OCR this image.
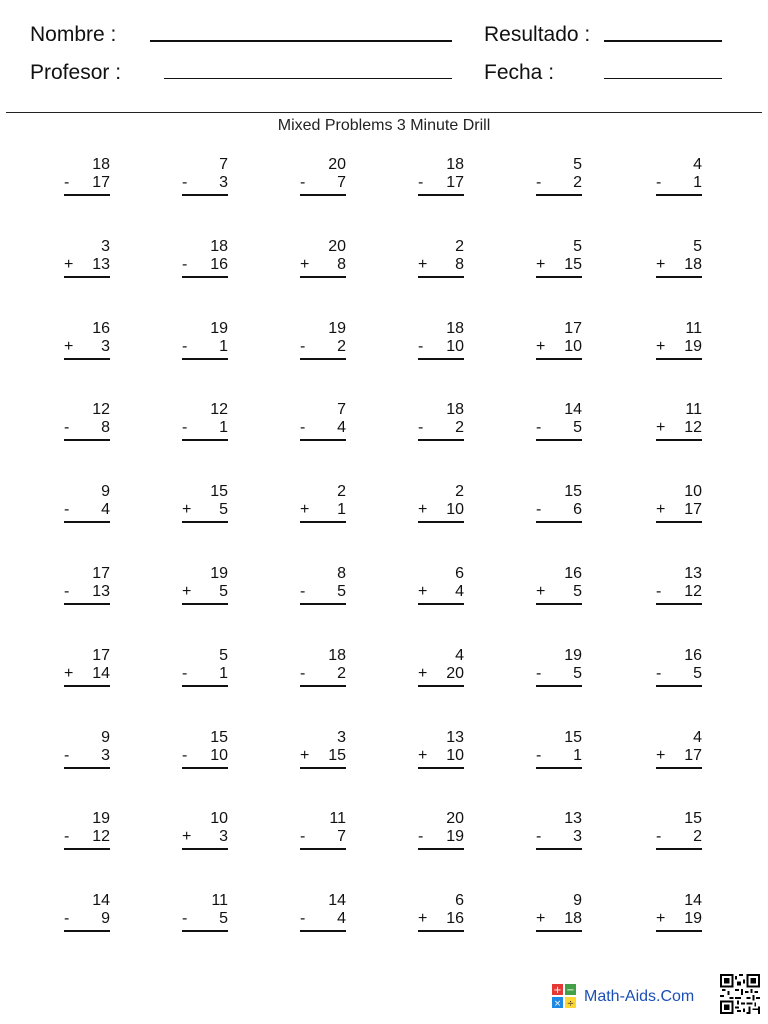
Nombre :	Resultado :
Profesor :	Fecha :
Mixed Problems 3 Minute Drill
18
- 17
7
- 3
20
- 7
18
- 17
5
- 2
4
- 1
3
+ 13
18
- 16
20
+ 8
2
+ 8
5
+ 15
5
+ 18
16
+ 3
19
- 1
19
- 2
18
- 10
17
+ 10
11
+ 19
12
- 8
12
- 1
7
- 4
18
- 2
14
- 5
11
+ 12
9
- 4
15
+ 5
2
+ 1
2
+ 10
15
- 6
10
+ 17
17
- 13
19
+ 5
8
- 5
6
+ 4
16
+ 5
13
- 12
17
+ 14
5
- 1
18
- 2
4
+ 20
19
- 5
16
- 5
9
- 3
15
- 10
3
+ 15
13
+ 10
15
- 1
4
+ 17
19
- 12
10
+ 3
11
- 7
20
- 19
13
- 3
15
- 2
14
- 9
11
- 5
14
- 4
6
+ 16
9
+ 18
14
+ 19
+ −
× ÷ Math-Aids.Com
